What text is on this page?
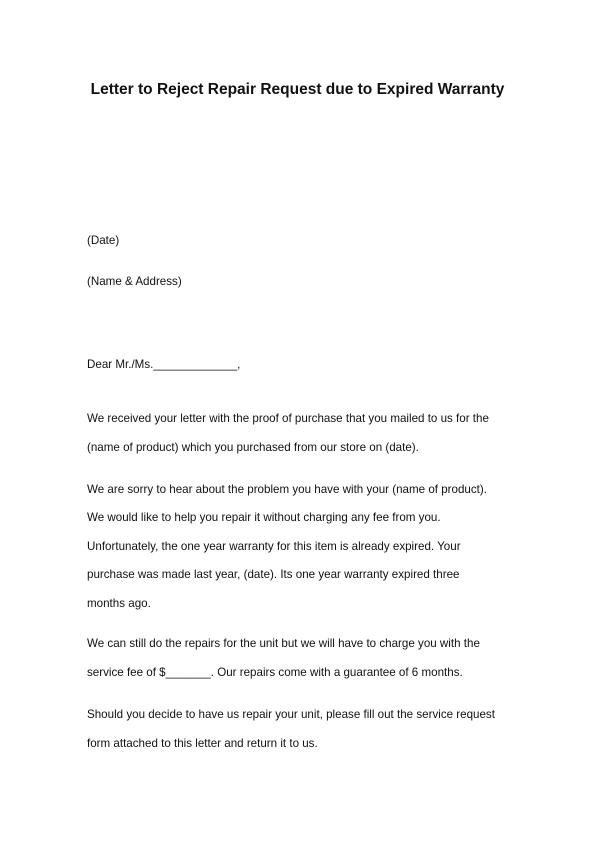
Letter to Reject Repair Request due to Expired Warranty
(Date)
(Name & Address)
Dear Mr./Ms._____________,
We received your letter with the proof of purchase that you mailed to us for the
(name of product) which you purchased from our store on (date).
We are sorry to hear about the problem you have with your (name of product).
We would like to help you repair it without charging any fee from you.
Unfortunately, the one year warranty for this item is already expired. Your
purchase was made last year, (date). Its one year warranty expired three
months ago.
We can still do the repairs for the unit but we will have to charge you with the
service fee of $_______. Our repairs come with a guarantee of 6 months.
Should you decide to have us repair your unit, please fill out the service request
form attached to this letter and return it to us.
